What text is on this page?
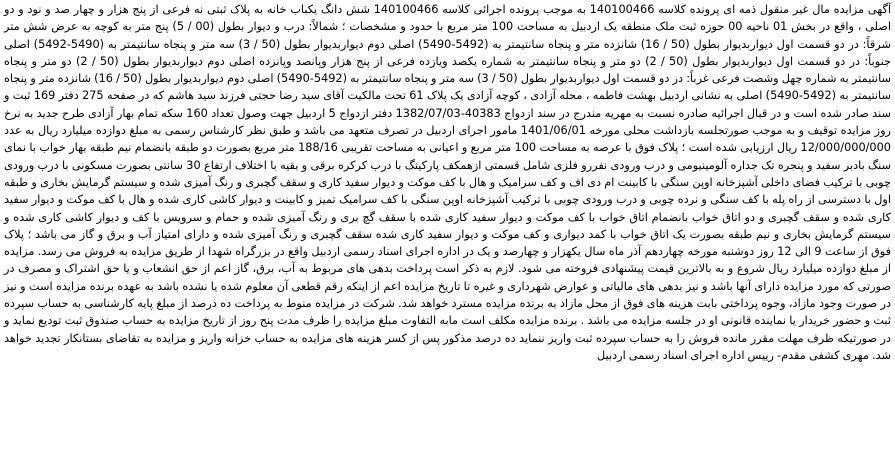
آگهی مزایده مال غیر منقول ذمه ای پرونده کلاسه 140100466 به موجب پرونده اجرائی کلاسه 140100466 شش دانگ یکباب خانه به پلاک ثبتی نه فرعی از پنج هزار و چهار صد و نود و دو اصلی ، واقع در بخش 01 ناحیه 00 حوزه ثبت ملک منطقه یک اردبیل به مساحت 100 متر مربع با حدود و مشخصات ؛ شمالاً: درب و دیوار بطول (00 / 5) پنج متر به کوچه به عرض شش متر شرقاً: در دو قسمت اول دیواربدیوار بطول (50 / 16) شانزده متر و پنجاه سانتیمتر به (5492-5490) اصلی دوم دیواربدیوار بطول (50 / 3) سه متر و پنجاه سانتیمتر به (5490-5492) اصلی جنوباً: در دو قسمت اول دیواربدیوار بطول (50 / 2) دو متر و پنجاه سانتیمتر به شماره یکصد ویازده فرعی از پنج هزار وپانصد وپانزده اصلی دوم دیواربدیوار بطول (50 / 2) دو متر و پنجاه سانتیمتر به شماره چهل وشصت فرعی غرباً: در دو قسمت اول دیواربدیوار بطول (50 / 3) سه متر و پنجاه سانتیمتر به (5492-5490) اصلی دوم دیواربدیوار بطول (50 / 16) شانزده متر و پنجاه سانتیمتر به (5492-5490) اصلی به نشانی اردبیل بهشت فاطمه ، محله آزادی ، کوچه آزادی یک پلاک 61 تحت مالکیت آقای سید رضا حجتی فرزند سید هاشم که در صفحه 275 دفتر 169 ثبت و سند صادر شده است و در قبال اجرائیه صادره نسبت به مهریه مندرج در سند ازدواج 40383-1382/07/03 دفتر ازدواج 5 اردبیل جهت وصول تعداد 160 سکه تمام بهار آزادی طرح جدید به نرخ روز مزایده توقیف و به موجب صورتجلسه بازداشت محلی مورخه 1401/06/01 مامور اجرای اردبیل در تصرف متعهد می باشد و طبق نظر کارشناس رسمی به مبلغ دوازده میلیارد ریال به عدد 12/000/000/000 ریال ارزیابی شده است ؛ پلاک فوق با عرصه به مساحت 100 متر مربع و اعیانی به مساحت تقریبی 188/16 متر مربع بصورت دو طبقه بانضمام نیم طبقه بهار خواب با نمای سنگ بادبر سفید و پنجره تک جداره آلومینیومی و درب ورودی نفررو فلزی شامل قسمتی ازهمکف پارکینگ با درب کرکره برقی و بقیه با اختلاف ارتفاع 30 سانتی بصورت مسکونی با درب ورودی چوبی با ترکیب فضای داخلی آشپزخانه اوپن سنگی با کابینت ام دی اف و کف سرامیک و هال با کف موکت و دیوار سفید کاری و سقف گچبری و رنگ آمیزی شده و سیستم گرمایش بخاری و طبقه اول با دسترسی از راه پله با کف سنگی و نرده چوبی و درب ورودی چوبی با ترکیب آشپزخانه اوپن سنگی با کف سرامیک تمیز و کابینت و دیوار کاشی کاری شده و هال با کف موکت و دیوار سفید کاری شده و سقف گچبری و دو اتاق خواب بانضمام اتاق خواب با کف موکت و دیوار سفید کاری شده با سقف گچ بری و رنگ آمیزی شده و حمام و سرویس با کف و دیوار کاشی کاری شده و سیستم گرمایش بخاری و نیم طبقه بصورت یک اتاق خواب با کمد دیواری و کف موکت و دیوار سفید کاری شده سقف گچبری و رنگ آمیزی شده و دارای امتیاز آب و برق و گاز می باشد ؛ پلاک فوق از ساعت 9 الی 12 روز دوشنبه مورخه چهاردهم آذر ماه سال یکهزار و چهارصد و یک در اداره اجرای اسناد رسمی اردبیل واقع در بزرگراه شهدا از طریق مزایده به فروش می رسد. مزایده از مبلغ دوازده میلیارد ریال شروع و به بالاترین قیمت پیشنهادی فروخته می شود. لازم به ذکر است پرداخت بدهی های مربوط به آب، برق، گاز اعم از حق انشعاب و یا حق اشتراک و مصرف در صورتی که مورد مزایده دارای آنها باشد و نیز بدهی های مالیاتی و عوارض شهرداری و غیره تا تاریخ مزایده اعم از اینکه رقم قطعی آن معلوم شده یا نشده باشد به عهده برنده مزایده است و نیز در صورت وجود مازاد، وجوه پرداختی بابت هزینه های فوق از محل مازاد به برنده مزایده مسترد خواهد شد. شرکت در مزایده منوط به پرداخت ده درصد از مبلغ پایه کارشناسی به حساب سپرده ثبت و حضور خریدار یا نماینده قانونی او در جلسه مزایده می باشد . برنده مزایده مکلف است مابه التفاوت مبلغ مزایده را ظرف مدت پنج روز از تاریخ مزایده به حساب صندوق ثبت تودیع نماید و در صورتیکه ظرف مهلت مقرر مانده فروش را به حساب سپرده ثبت واریز ننماید ده درصد مذکور پس از کسر هزینه های مزایده به حساب خزانه واریز و مزایده به تقاضای بستانکار تجدید خواهد شد. مهری کشفی مقدم- رییس اداره اجرای اسناد رسمی اردبیل
